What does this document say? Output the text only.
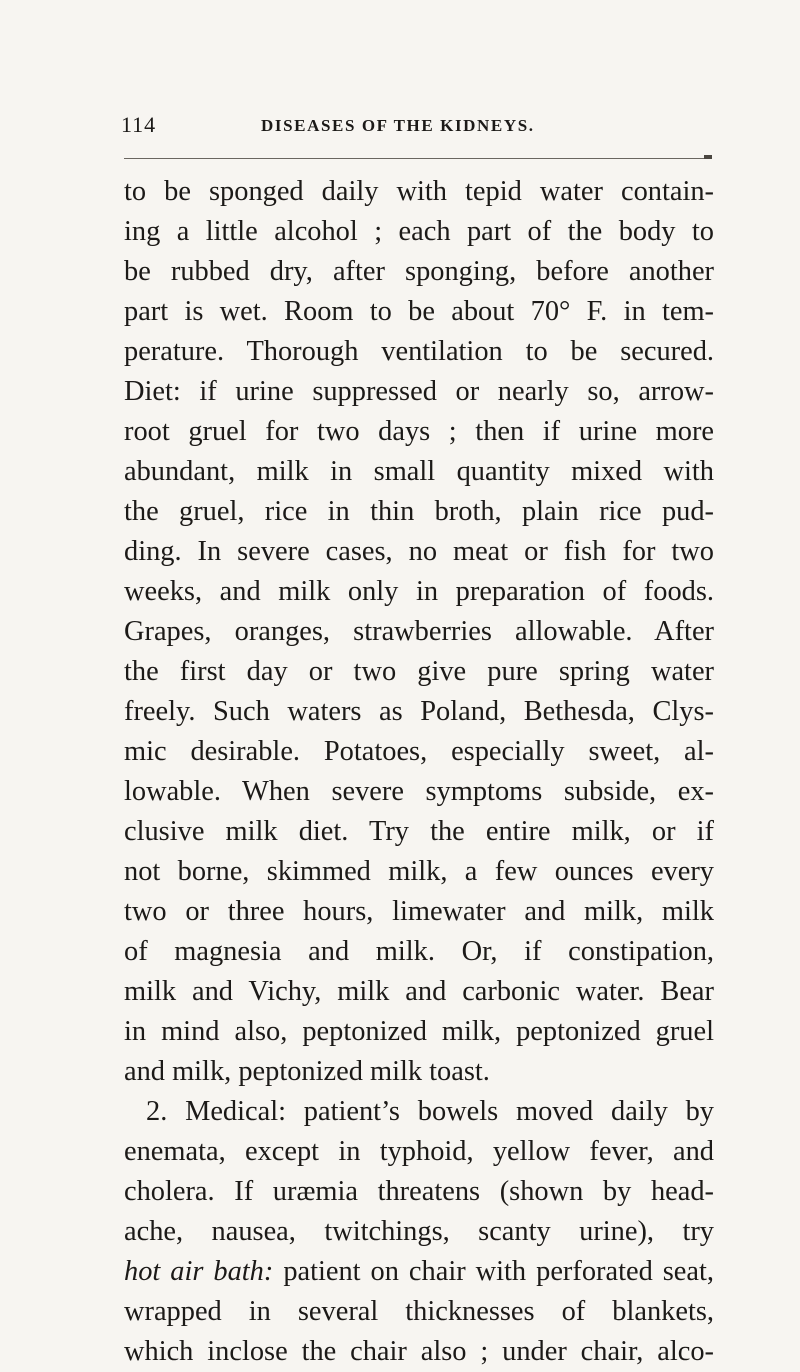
114	DISEASES OF THE KIDNEYS.
to be sponged daily with tepid water contain-
ing a little alcohol ; each part of the body to
be rubbed dry, after sponging, before another
part is wet. Room to be about 70° F. in tem-
perature. Thorough ventilation to be secured.
Diet: if urine suppressed or nearly so, arrow-
root gruel for two days ; then if urine more
abundant, milk in small quantity mixed with
the gruel, rice in thin broth, plain rice pud-
ding. In severe cases, no meat or fish for two
weeks, and milk only in preparation of foods.
Grapes, oranges, strawberries allowable. After
the first day or two give pure spring water
freely. Such waters as Poland, Bethesda, Clys-
mic desirable. Potatoes, especially sweet, al-
lowable. When severe symptoms subside, ex-
clusive milk diet. Try the entire milk, or if
not borne, skimmed milk, a few ounces every
two or three hours, limewater and milk, milk
of magnesia and milk. Or, if constipation,
milk and Vichy, milk and carbonic water. Bear
in mind also, peptonized milk, peptonized gruel
and milk, peptonized milk toast.
2. Medical: patient’s bowels moved daily by
enemata, except in typhoid, yellow fever, and
cholera. If uræmia threatens (shown by head-
ache, nausea, twitchings, scanty urine), try
hot air bath: patient on chair with perforated seat,
wrapped in several thicknesses of blankets,
which inclose the chair also ; under chair, alco-
